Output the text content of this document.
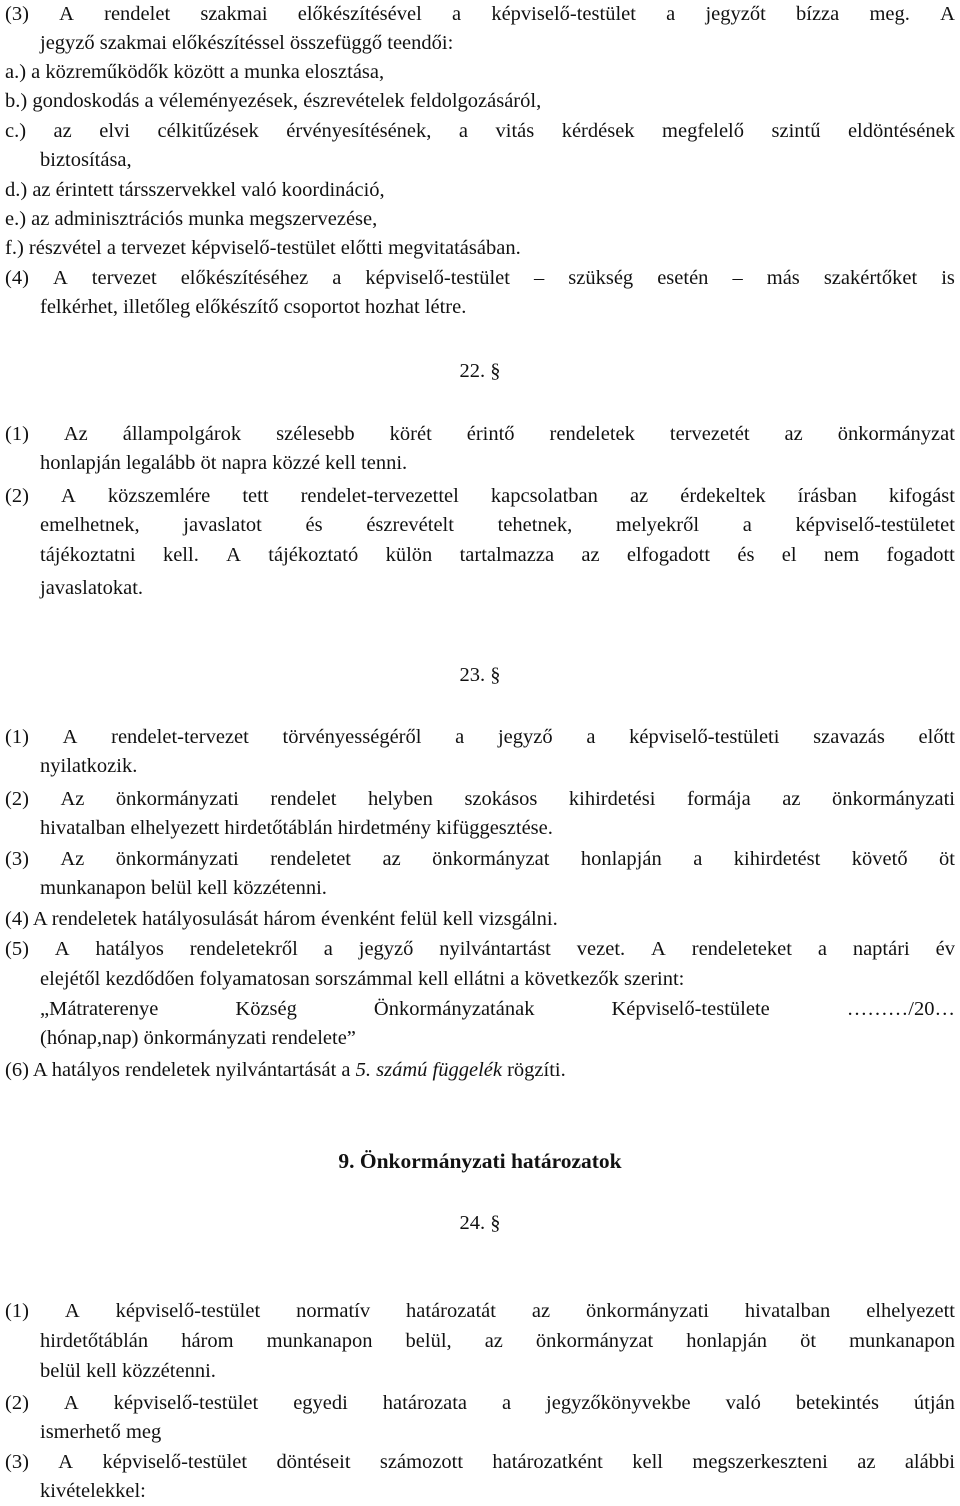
(3) A rendelet szakmai előkészítésével a képviselő-testület a jegyzőt bízza meg. A
jegyző szakmai előkészítéssel összefüggő teendői:
a.) a közreműködők között a munka elosztása,
b.) gondoskodás a véleményezések, észrevételek feldolgozásáról,
c.) az elvi célkitűzések érvényesítésének, a vitás kérdések megfelelő szintű eldöntésének
biztosítása,
d.) az érintett társszervekkel való koordináció,
e.) az adminisztrációs munka megszervezése,
f.) részvétel a tervezet képviselő-testület előtti megvitatásában.
(4) A tervezet előkészítéséhez a képviselő-testület – szükség esetén – más szakértőket is
felkérhet, illetőleg előkészítő csoportot hozhat létre.
22. §
(1) Az állampolgárok szélesebb körét érintő rendeletek tervezetét az önkormányzat
honlapján legalább öt napra közzé kell tenni.
(2) A közszemlére tett rendelet-tervezettel kapcsolatban az érdekeltek írásban kifogást
emelhetnek, javaslatot és észrevételt tehetnek, melyekről a képviselő-testületet
tájékoztatni kell. A tájékoztató külön tartalmazza az elfogadott és el nem fogadott
javaslatokat.
23. §
(1) A rendelet-tervezet törvényességéről a jegyző a képviselő-testületi szavazás előtt
nyilatkozik.
(2) Az önkormányzati rendelet helyben szokásos kihirdetési formája az önkormányzati
hivatalban elhelyezett hirdetőtáblán hirdetmény kifüggesztése.
(3) Az önkormányzati rendeletet az önkormányzat honlapján a kihirdetést követő öt
munkanapon belül kell közzétenni.
(4) A rendeletek hatályosulását három évenként felül kell vizsgálni.
(5) A hatályos rendeletekről a jegyző nyilvántartást vezet. A rendeleteket a naptári év
elejétől kezdődően folyamatosan sorszámmal kell ellátni a következők szerint:
„Mátraterenye	Község	Önkormányzatának	Képviselő-testülete	………/20…
(hónap,nap) önkormányzati rendelete”
(6) A hatályos rendeletek nyilvántartását a 5. számú függelék rögzíti.
9. Önkormányzati határozatok
24. §
(1) A képviselő-testület normatív határozatát az önkormányzati hivatalban elhelyezett
hirdetőtáblán három munkanapon belül, az önkormányzat honlapján öt munkanapon
belül kell közzétenni.
(2) A képviselő-testület egyedi határozata a jegyzőkönyvekbe való betekintés útján
ismerhető meg
(3) A képviselő-testület döntéseit számozott határozatként kell megszerkeszteni az alábbi
kivételekkel:
